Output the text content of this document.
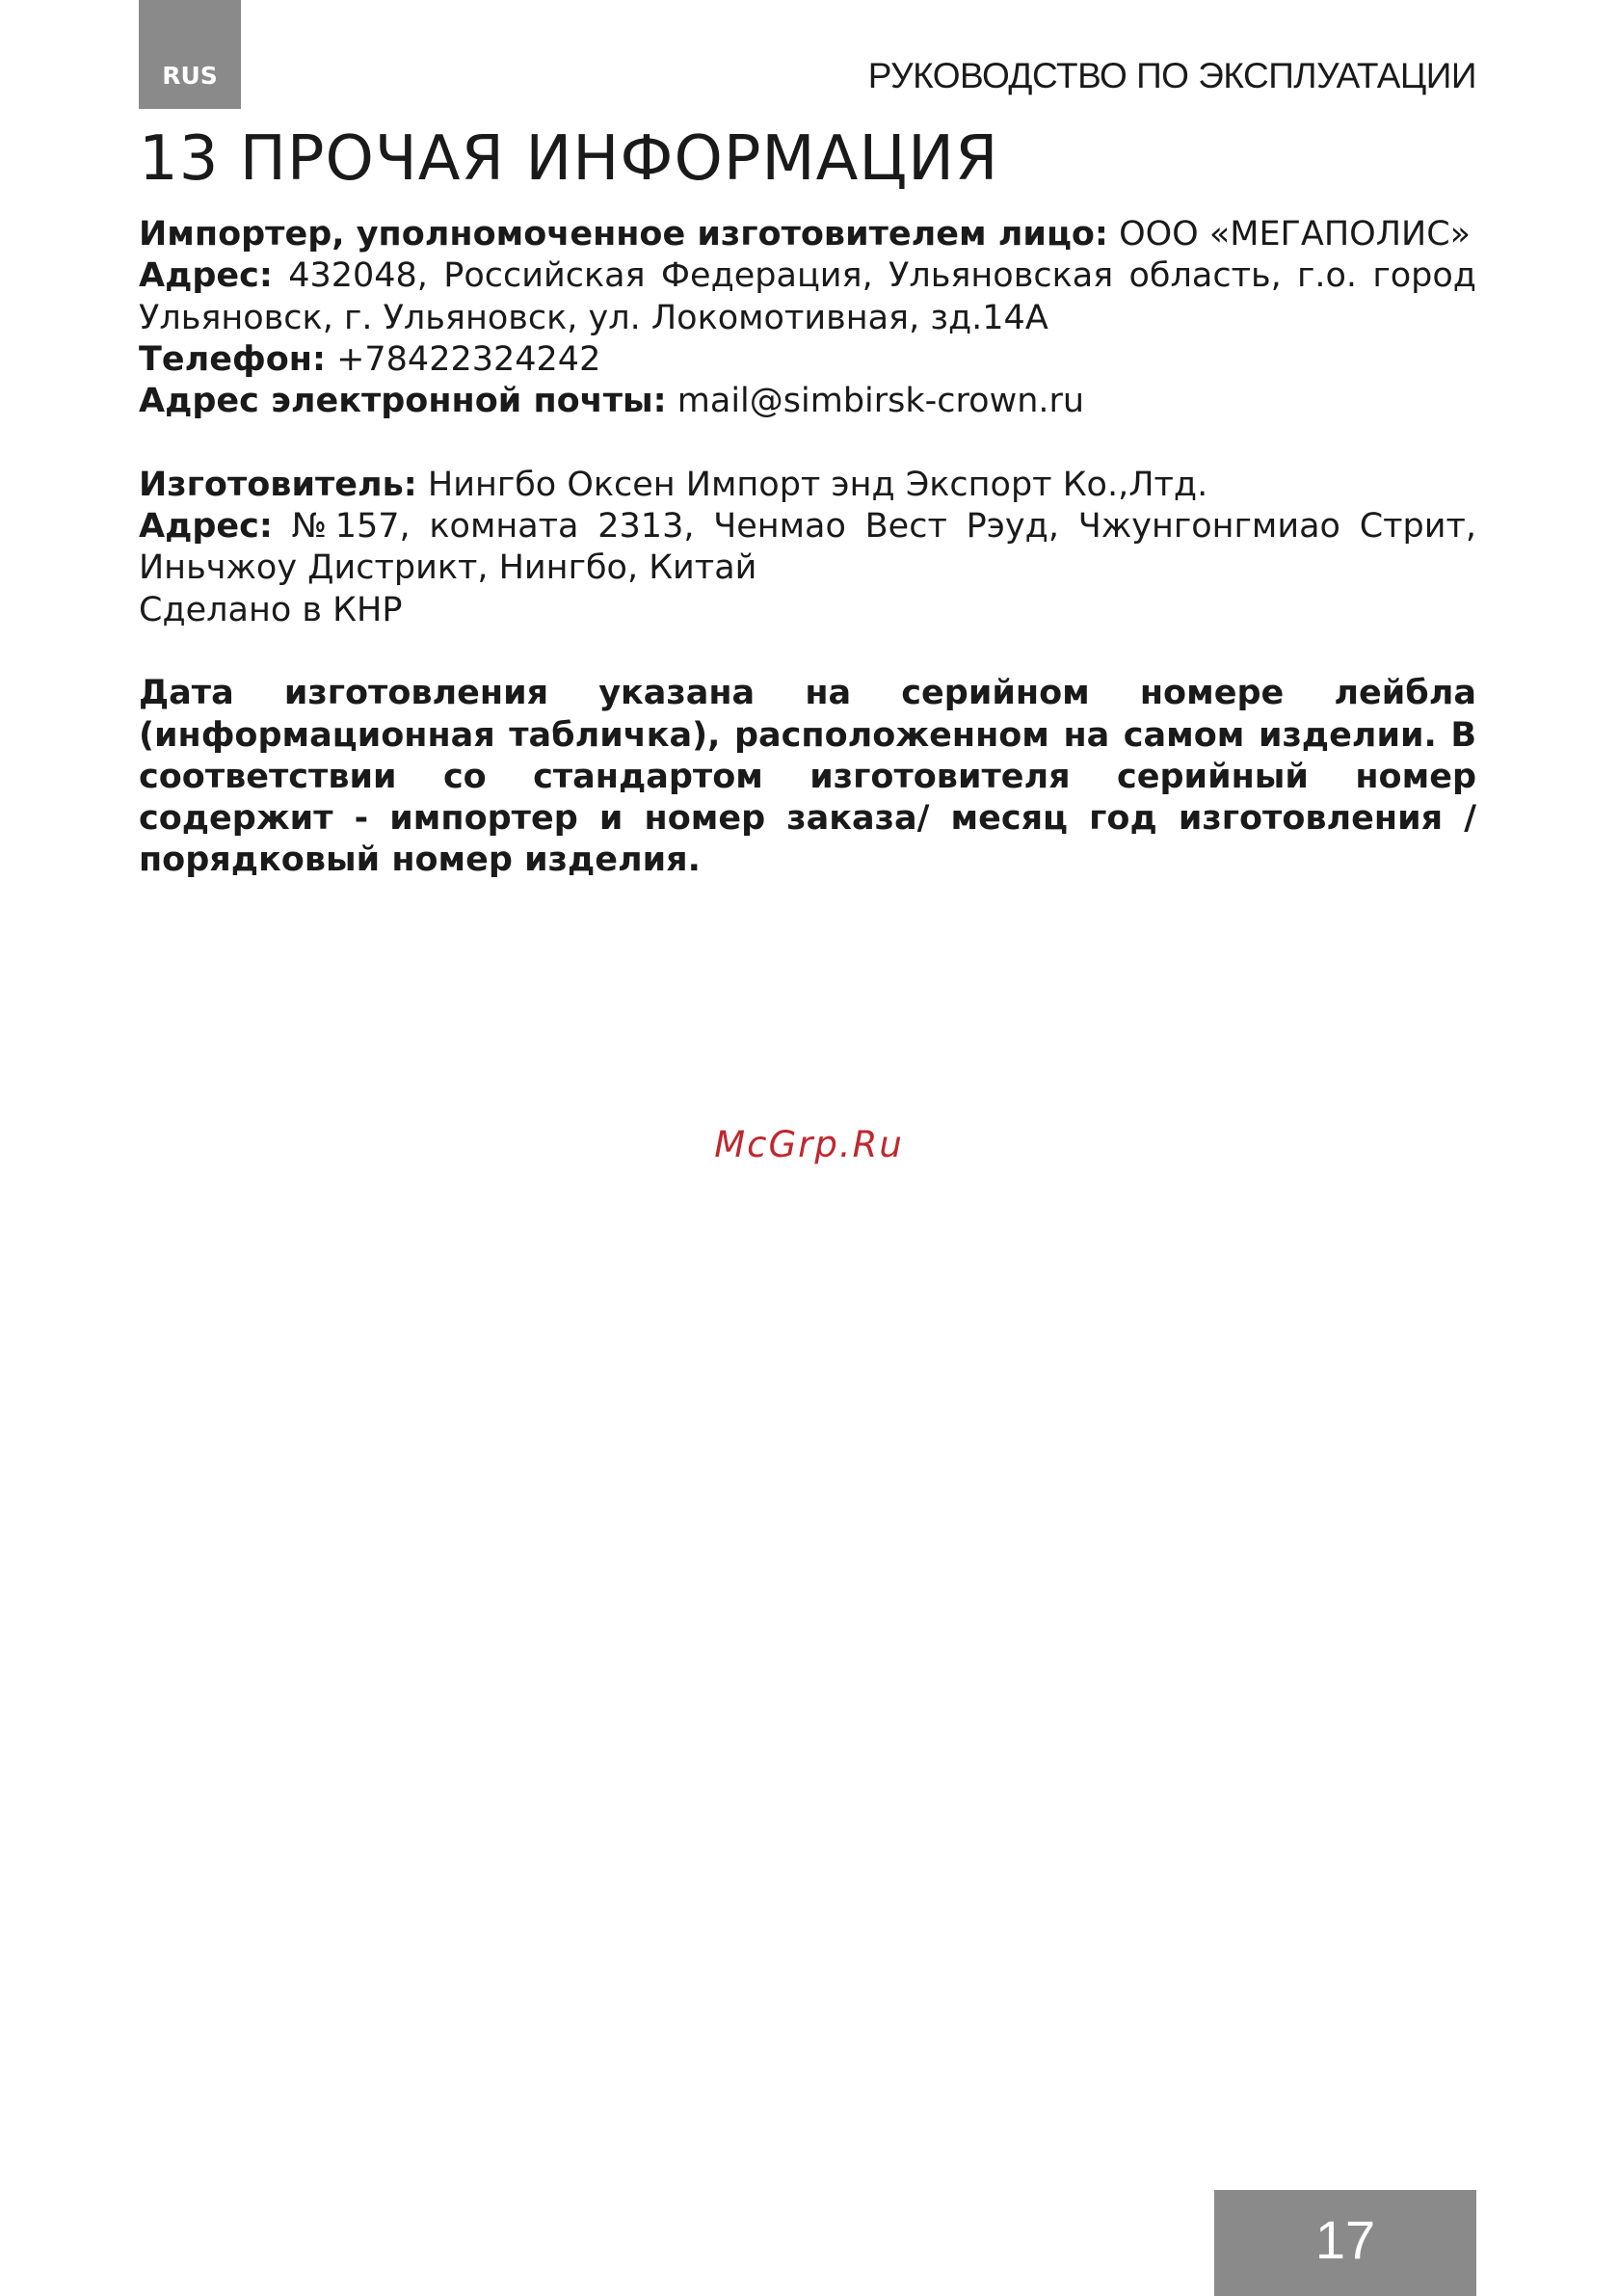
RUS	РУКОВОДСТВО ПО ЭКСПЛУАТАЦИИ
13 ПРОЧАЯ ИНФОРМАЦИЯ

Импортер, уполномоченное изготовителем лицо: ООО «МЕГАПОЛИС»

Адрес: 432048, Российская Федерация, Ульяновская область, г.о. город Ульяновск, г. Ульяновск, ул. Локомотивная, зд.14А

Телефон: +78422324242

Адрес электронной почты: mail@simbirsk-crown.ru

Изготовитель: Нингбо Оксен Импорт энд Экспорт Ко.,Лтд.

Адрес: №157, комната 2313, Ченмао Вест Рэуд, Чжунгонгмиао Стрит, Иньчжоу Дистрикт, Нингбо, Китай

Сделано в КНР

Дата изготовления указана на серийном номере лейбла (информационная табличка), расположенном на самом изделии. В соответствии со стандартом изготовителя серийный номер содержит - импортер и номер заказа/ месяц год изготовления / порядковый номер изделия.

McGrp.Ru
17
